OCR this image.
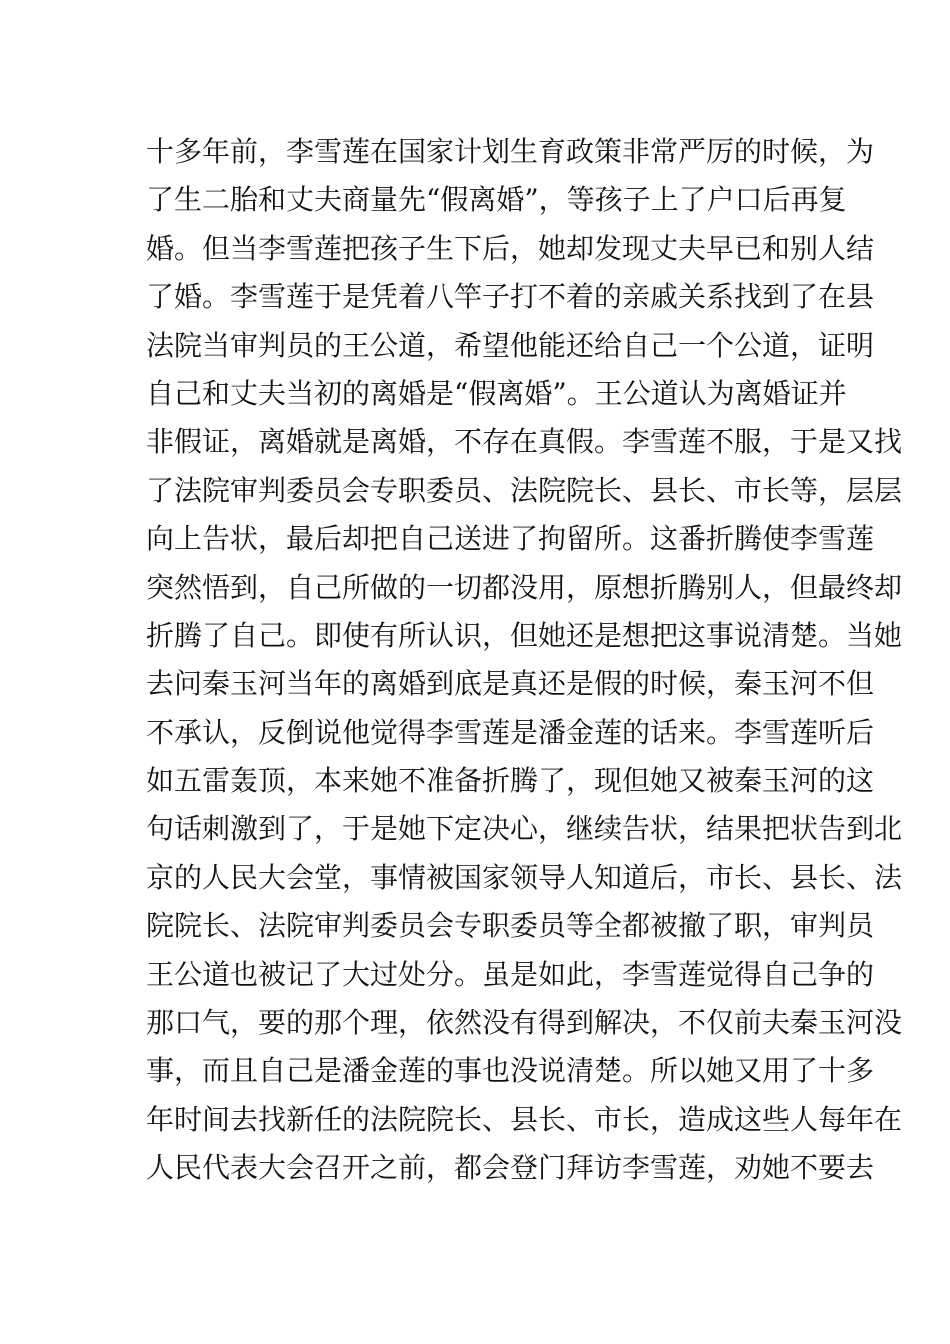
十多年前，李雪莲在国家计划生育政策非常严厉的时候，为
了生二胎和丈夫商量先“假离婚”，等孩子上了户口后再复
婚。但当李雪莲把孩子生下后，她却发现丈夫早已和别人结
了婚。李雪莲于是凭着八竿子打不着的亲戚关系找到了在县
法院当审判员的王公道，希望他能还给自己一个公道，证明
自己和丈夫当初的离婚是“假离婚”。王公道认为离婚证并
非假证，离婚就是离婚，不存在真假。李雪莲不服，于是又找
了法院审判委员会专职委员、法院院长、县长、市长等，层层
向上告状，最后却把自己送进了拘留所。这番折腾使李雪莲
突然悟到，自己所做的一切都没用，原想折腾别人，但最终却
折腾了自己。即使有所认识，但她还是想把这事说清楚。当她
去问秦玉河当年的离婚到底是真还是假的时候，秦玉河不但
不承认，反倒说他觉得李雪莲是潘金莲的话来。李雪莲听后
如五雷轰顶，本来她不准备折腾了，现但她又被秦玉河的这
句话刺激到了，于是她下定决心，继续告状，结果把状告到北
京的人民大会堂，事情被国家领导人知道后，市长、县长、法
院院长、法院审判委员会专职委员等全都被撤了职，审判员
王公道也被记了大过处分。虽是如此，李雪莲觉得自己争的
那口气，要的那个理，依然没有得到解决，不仅前夫秦玉河没
事，而且自己是潘金莲的事也没说清楚。所以她又用了十多
年时间去找新任的法院院长、县长、市长，造成这些人每年在
人民代表大会召开之前，都会登门拜访李雪莲，劝她不要去
